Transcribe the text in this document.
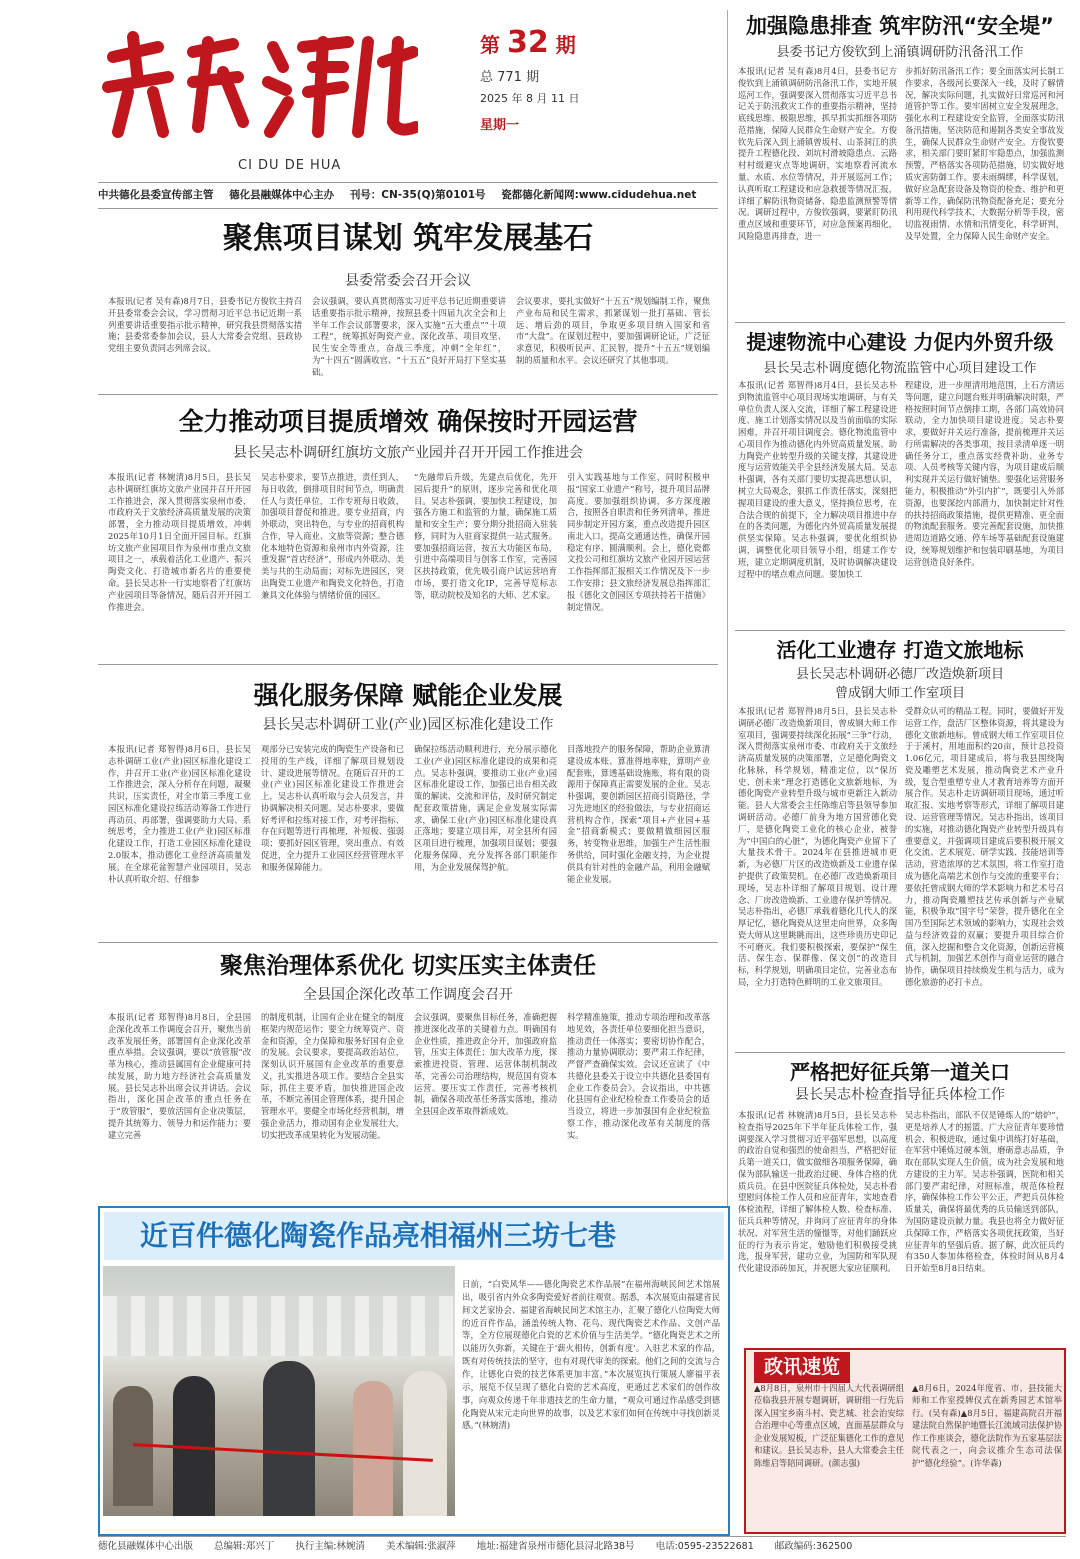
CI DU DE HUA
第 32 期
总 771 期
2025 年 8 月 11 日
星期一
中共德化县委宣传部主管 德化县融媒体中心主办 刊号：CN-35(Q)第0101号 瓷都德化新闻网:www.cidudehua.net
聚焦项目谋划 筑牢发展基石
县委常委会召开会议

本报讯(记者 吴有森)8月7日，县委书记方俊钦主持召开县委常委会会议，学习贯彻习近平总书记近期一系列重要讲话重要指示批示精神，研究我县贯彻落实措施；县委常委参加会议，县人大常委会党组、县政协党组主要负责同志列席会议。

会议强调，要认真贯彻落实习近平总书记近期重要讲话重要指示批示精神，按照县委十四届九次全会和上半年工作会议部署要求，深入实施“五大重点”“十项工程”，统筹抓好陶瓷产业、深化改革、项目攻坚、民生安全等重点，奋战三季度，冲刺“全年红”，为“十四五”圆满收官、“十五五”良好开局打下坚实基础。

会议要求，要扎实做好“十五五”规划编制工作，聚焦产业布局和民生需求，抓紧谋划一批打基础、管长远、增后劲的项目，争取更多项目纳入国家和省市“大盘”。在谋划过程中，要加强调研论证，广泛征求意见，积极听民声、汇民智，提升“十五五”规划编制的质量和水平。会议还研究了其他事项。

全力推动项目提质增效 确保按时开园运营
县长吴志朴调研红旗坊文旅产业园并召开开园工作推进会

本报讯(记者 林婉清)8月5日，县长吴志朴调研红旗坊文旅产业园并召开开园工作推进会，深入贯彻落实泉州市委、市政府关于文旅经济高质量发展的决策部署，全力推动项目提质增效，冲刺2025年10月1日全面开园目标。红旗坊文旅产业园项目作为泉州市重点文旅项目之一，承载着活化工业遗产、振兴陶瓷文化、打造城市新名片的重要使命。县长吴志朴一行实地察看了红旗坊产业园项目等备情况，随后召开开园工作推进会。

吴志朴要求，要节点推进，责任到人，每日收敛，倒排项目时间节点，明确责任人与责任单位，工作专班每日收敛，加强项目督促和推进。要专业招商，内外联动，突出特色，与专业的招商机构合作，导入商业、文旅等资源；整合德化本地特色资源和泉州市内外资源，注重发掘“首店经济”，形成内外联动、美美与共的生动局面；对标先进园区，突出陶瓷工业遗产和陶瓷文化特色，打造兼具文化体验与情绪价值的园区。

“先融带后升级，先建点后优化，先开园后提升”的原则，逐步完善和优化项目。吴志朴强调，要加快工程建设，加强各方施工和监管的力量，确保施工质量和安全生产；要分期分批招商入驻装修，同时为入驻商家提供一站式服务。要加强招商运营，按五大功能区布局，引进中高端项目与创客工作室，完善园区扶持政策，优先吸引商户试运营培育市场，要打造文化IP，完善导览标志等，联动院校及知名的大师、艺术家。

引入实践基地与工作室，同时积极申报“国家工业遗产”称号，提升项目品牌高度。要加强组织协调，多方深度融合，按照各自职责和任务列清单，推进同步制定开园方案，重点改造提升园区南北入口，提高交通通达性，确保开园稳定有序、圆满顺利。会上，德化瓷都文投公司和红旗坊文旅产业园开园运营工作指挥部汇报相关工作情况及下一步工作安排；县文旅经济发展总指挥部汇报《德化文创园区专项扶持若干措施》制定情况。

强化服务保障 赋能企业发展
县长吴志朴调研工业(产业)园区标准化建设工作

本报讯(记者 郑智得)8月6日，县长吴志朴调研工业(产业)园区标准化建设工作，并召开工业(产业)园区标准化建设工作推进会，深入分析存在问题，凝聚共识，压实责任，对全市第三季度工业园区标准化建设拉练活动筹备工作进行再动员、再部署，强调要助力大局、系统思考，全力推进工业(产业)园区标准化建设工作，打造工业园区标准化建设2.0版本，推动德化工业经济高质量发展。在全球花盆智慧产业园项目，吴志朴认真听取介绍、仔细参

观部分已安装完成的陶瓷生产设备和已投用的生产线，详细了解项目规划设计、建设进展等情况。在随后召开的工业(产业)园区标准化建设工作推进会上，吴志朴认真听取与会人员发言，并协调解决相关问题。吴志朴要求，要做好考评和拉练对接工作，对考评指标、存在问题等进行再梳理，补短板、强弱项；要抓好园区管理，突出重点、有效促进，全力提升工业园区经营管理水平和服务保障能力。

确保拉练活动顺利进行，充分展示德化工业(产业)园区标准化建设的成果和亮点。吴志朴强调，要推动工业(产业)园区标准化建设工作，加强已出台相关政策的解读、交流和评估，及时研究制定配套政策措施，满足企业发展实际需求，确保工业(产业)园区标准化建设真正落地；要建立项目库，对全县所有园区项目进行梳理，加强项目谋划；要强化服务保障，充分发挥各部门职能作用，为企业发展保驾护航。

目落地投产的服务保障，帮助企业算清建设成本账、算准得地率账，算明产业配套账，算透基础设施账，将有限的资源用于保障真正需要发展的企业。吴志朴强调，要创新园区招商引资路径，学习先进地区的经验做法，与专业招商运营机构合作，探索“项目+产业园+基金”招商新模式；要做精做细园区服务，转变物业思维，加强生产生活性服务供给，同时强化金融支持，为企业提供具有针对性的金融产品，利用金融赋能企业发展。

聚焦治理体系优化 切实压实主体责任
全县国企深化改革工作调度会召开

本报讯(记者 郑智得)8月8日，全县国企深化改革工作调度会召开，聚焦当前改革发展任务，部署国有企业深化改革重点举措。会议强调，要以“放管服”改革为核心，推动县属国有企业健康可持续发展，助力地方经济社会高质量发展。县长吴志朴出席会议并讲话。会议指出，深化国企改革的重点任务在于“放管服”，要放活国有企业决策层，提升其统筹力、领导力和运作能力；要建立完善

的制度机制，让国有企业在健全的制度框架内规范运作；要全力统筹资产、资金和资源，全力保障和服务好国有企业的发展。会议要求，要提高政治站位，深刻认识开展国有企业改革的重要意义，扎实推进各项工作。要结合全县实际，抓住主要矛盾，加快推进国企改革，不断完善国企管理体系，提升国企管理水平。要健全市场化经营机制，增强企业活力，推动国有企业发展壮大，切实把改革成果转化为发展动能。

会议强调，要聚焦目标任务，准确把握推进深化改革的关键着力点。明确国有企业性质，推进政企分开，加强政府监管，压实主体责任；加大改革力度，探索推进投资、管理、运营体制机制改革，完善公司治理结构，规范国有资本运营。要压实工作责任，完善考核机制，确保各项改革任务落实落地，推动全县国企改革取得新成效。

科学精准施策，推动专项治理和改革落地见效，各责任单位要细化担当意识，推动责任一体落实；要密切协作配合，推动力量协调联动；要严肃工作纪律，严督严查确保实效。会议还宣读了《中共德化县委关于设立中共德化县委国有企业工作委员会》。会议指出，中共德化县国有企业纪检检查工作委员会的适当设立，将进一步加强国有企业纪检监察工作，推动深化改革有关制度的落实。

近百件德化陶瓷作品亮相福州三坊七巷
日前，“白瓷风华——德化陶瓷艺术作品展”在福州海峡民间艺术馆展出，吸引省内外众多陶瓷爱好者前往观赏。据悉，本次展览由福建省民间文艺家协会、福建省海峡民间艺术馆主办，汇聚了德化八位陶瓷大师的近百件作品，涵盖传统人物、花鸟、现代陶瓷艺术作品、文创产品等，全方位展现德化白瓷的艺术价值与生活美学。“德化陶瓷艺术之所以能历久弥新，关键在于‘薪火相传，创新有度’。入驻艺术家的作品，既有对传统技法的坚守，也有对现代审美的探索。他们之间的交流与合作，让德化白瓷的技艺体系更加丰富。”本次展览执行策展人廖福平表示，展览不仅呈现了德化白瓷的艺术高度，更通过艺术家们的创作故事，向观众传递千年非遗技艺的生命力量，“观众可通过作品感受到德化陶瓷从宋元走向世界的故事，以及艺术家们如何在传统中寻找创新灵感。”(林婉清)
加强隐患排查 筑牢防汛“安全堤”
县委书记方俊钦到上涌镇调研防汛备汛工作

本报讯(记者 吴有森)8月4日，县委书记方俊钦到上涌镇调研防汛备汛工作，实地开展巡河工作，强调要深入贯彻落实习近平总书记关于防汛救灾工作的重要指示精神，坚持底线思维、极限思维，抓早抓实抓细各项防范措施，保障人民群众生命财产安全。方俊钦先后深入到上涌镇曾坂村、山茶洞江的洪提升工程德化段、刘坑村滑坡隐患点、云路村村级避灾点等地调研，实地察看河流水量、水质、水位等情况，并开展巡河工作；认真听取工程建设和应急救援等情况汇报，详细了解防汛物资储备、隐患监测预警等情况。调研过程中，方俊钦强调，要紧盯防汛重点区域和重要环节，对应急预案再细化，风险隐患再排查，进一

步抓好防汛备汛工作；要全面落实河长制工作要求，各级河长要深入一线，及时了解情况，解决实际问题，扎实做好日常巡河和河道管护等工作。要牢固树立安全发展理念，强化水利工程建设安全监管，全面落实防汛备汛措施，坚决防范和遏制各类安全事故发生，确保人民群众生命财产安全。方俊钦要求，相关部门要盯紧盯牢隐患点，加强监测预警，严格落实各项防范措施，切实做好地质灾害防御工作。要未雨绸缪，科学谋划，做好应急配套设备及物资的检查、维护和更新等工作，确保防汛物资配备充足；要充分利用现代科学技术，大数据分析等手段，密切监视雨情、水情和汛情变化，科学研判，及早处置，全力保障人民生命财产安全。

提速物流中心建设 力促内外贸升级
县长吴志朴调度德化物流监管中心项目建设工作

本报讯(记者 郑智得)8月4日，县长吴志朴到物流监管中心项目现场实地调研，与有关单位负责人深入交流，详细了解工程建设进度、施工计划落实情况以及当前面临的实际困难，并召开项目调度会。德化物流监管中心项目作为推动德化内外贸高质量发展、助力陶瓷产业转型升级的关键支撑，其建设进度与运营效能关乎全县经济发展大局。吴志朴强调，各有关部门要切实提高思想认识，树立大局观念，狠抓工作责任落实，深刻把握项目建设的重大意义，坚持换位思考，在合法合规的前提下，全力解决项目推进中存在的各类问题，为德化内外贸高质量发展提供坚实保障。吴志朴强调，要优化组织协调，调整优化项目领导小组，组建工作专班，建立定期调度机制，及时协调解决建设过程中的堵点难点问题。要加快工

程建设，进一步厘清用地范围，上石方清运等问题，建立问题台账并明确解决时限，严格按照时间节点倒排工期，各部门高效协同联动，全力加快项目建设进度。吴志朴要求，要做好并关运行准备，提前梳理并关运行所需解决的各类事项，按目录清单逐一明确任务分工，重点落实经费补助、业务专项、人员考核等关键内容，为项目建成后顺利实现并关运行做好铺垫。要强化运营服务能力，积极推动“外引内扩”，既要引入外部资源，也要深挖内部潜力，加快制定针对性的扶持招商政策措施，提供更精准、更全面的物流配套服务。要完善配套设施，加快推进周边道路交通、停车场等基础配套设施建设，统筹规划维护和包装印刷基地，为项目运营创造良好条件。

活化工业遗存 打造文旅地标
县长吴志朴调研必德厂改造焕新项目
曾成钢大师工作室项目

本报讯(记者 郑智得)8月5日，县长吴志朴调研必德厂改造焕新项目，曾成钢大师工作室项目，强调要持续深化拓展“三争”行动，深入贯彻落实泉州市委、市政府关于文旅经济高质量发展的决策部署，立足德化陶瓷文化脉脉，科学规划，精准定位，以“保历史、创未来”理念打造德化文旅新地标，为德化陶瓷产业转型升级与城市更新注入新动能。县人大常委会主任陈维启等县领导参加调研活动。必德厂前身为地方国营德化瓷厂，是德化陶瓷工业化的核心企业，被誉为“中国白的心脏”，为德化陶瓷产业留下了大量技术骨干。2024年在县推进城市更新，为必德厂片区的改造焕新及工业遗存保护提供了政策契机。在必德厂改造焕新项目现场，吴志朴详细了解项目规划、设计理念、厂房改造焕新、工业遗存保护等情况。吴志朴指出，必德厂承载着德化几代人的深厚记忆，德化陶瓷从这里走向世界，众多陶瓷大师从这里眺眺而出，这些珍贵历史印记不可磨灭。我们要积极探索，要保护“保生活、保生态、保群像、保文创”的改造目标，科学规划，明确项目定位，完善业态布局，全力打造特色鲜明的工业文旅项目。

受群众认可的精品工程。同时，要做好开发运营工作，盘活厂区整体资源，将其建设为德化文旅新地标。曾成钢大师工作室项目位于于溪村，用地面积约20亩，预计总投资1.06亿元，项目建成后，将与我县围绕陶瓷及雕塑艺术发展，推动陶瓷艺术产业升级，复合型重塑专业人才教育培养等方面开展合作。吴志朴走访调研项目现场，通过听取汇报、实地考察等形式，详细了解项目建设、运营管理等情况。吴志朴指出，该项目的实施，对推动德化陶瓷产业转型升级具有重要意义，并强调项目建成后要积极开展文化交流、艺术展览、研学实践、技能培训等活动，营造浓厚的艺术氛围，将工作室打造成为德化高端艺术创作与交流的重要平台；要依托曾成钢大师的学术影响力和艺术号召力，推动陶瓷雕塑技艺传承创新与产业赋能，积极争取“国字号”荣誉，提升德化在全国乃至国际艺术领域的影响力，实现社会效益与经济效益的双赢；要提升项目综合价值，深入挖掘和整合文化资源，创新运营模式与机制，加强艺术创作与商业运营的融合协作，确保项目持续焕发生机与活力，成为德化旅游的必打卡点。

严格把好征兵第一道关口
县长吴志朴检查指导征兵体检工作

本报讯(记者 林婉清)8月5日，县长吴志朴检查指导2025年下半年征兵体检工作，强调要深入学习贯彻习近平强军思想，以高度的政治自觉和强烈的使命担当，严格把好征兵第一道关口，做实做细各项服务保障，确保为部队输送一批政治过硬、身体合格的优质兵员。在县中医院征兵体检处，吴志朴看望慰问体检工作人员和应征青年，实地查看体检流程，详细了解体检人数、检查标准、征兵兵种等情况，并询问了应征青年的身体状况、对军营生活的憧憬等，对他们踊跃应征的行为表示肯定，勉励他们积极接受挑选，报身军营，建功立业，为国防和军队现代化建设添砖加瓦，并祝愿大家应征顺利。

吴志朴指出，部队不仅是锤炼人的“熔炉”，更是培养人才的摇篮。广大应征青年要珍惜机会、积极进取，通过集中训练打好基础，在军营中锤炼过硬本领，磨砺意志品质，争取在部队实现人生价值，成为社会发展和地方建设的主力军。吴志朴强调，医院和相关部门要严肃纪律，对照标准，规范体检程序，确保体检工作公平公正，严把兵员体检质量关，确保将最优秀的兵员输送到部队，为国防建设贡献力量。我县也将全力做好征兵保障工作，严格落实各项优抚政策，当好应征青年的坚强后盾。据了解，此次征兵约有350人参加体格检查，体检时间从8月4日开始至8月8日结束。

政讯速览
▲8月8日，泉州市十四届人大代表调研组莅临我县开展专题调研，调研组一行先后深入国宝乡南斗村、瓷艺城、社会治安综合治理中心等重点区域，直面基层群众与企业发展短板，广泛征集德化工作的意见和建议。县长吴志朴，县人大常委会主任陈维启等陪同调研。(颜志强)
▲8月6日，2024年度省、市、县技能大师和工作室授牌仪式在新秀园艺术馆举行。(吴有森)▲8月5日，福建高院召开福建法院自然保护地暨长江流域司法保护协作工作座谈会，德化法院作为五家基层法院代表之一，向会议推介生态司法保护“德化经验”。(许华森)
德化县融媒体中心出版 总编辑:郑兴丁 执行主编:林婉清 美术编辑:张淑萍 地址:福建省泉州市德化县浔北路38号 电话:0595-23522681 邮政编码:362500
